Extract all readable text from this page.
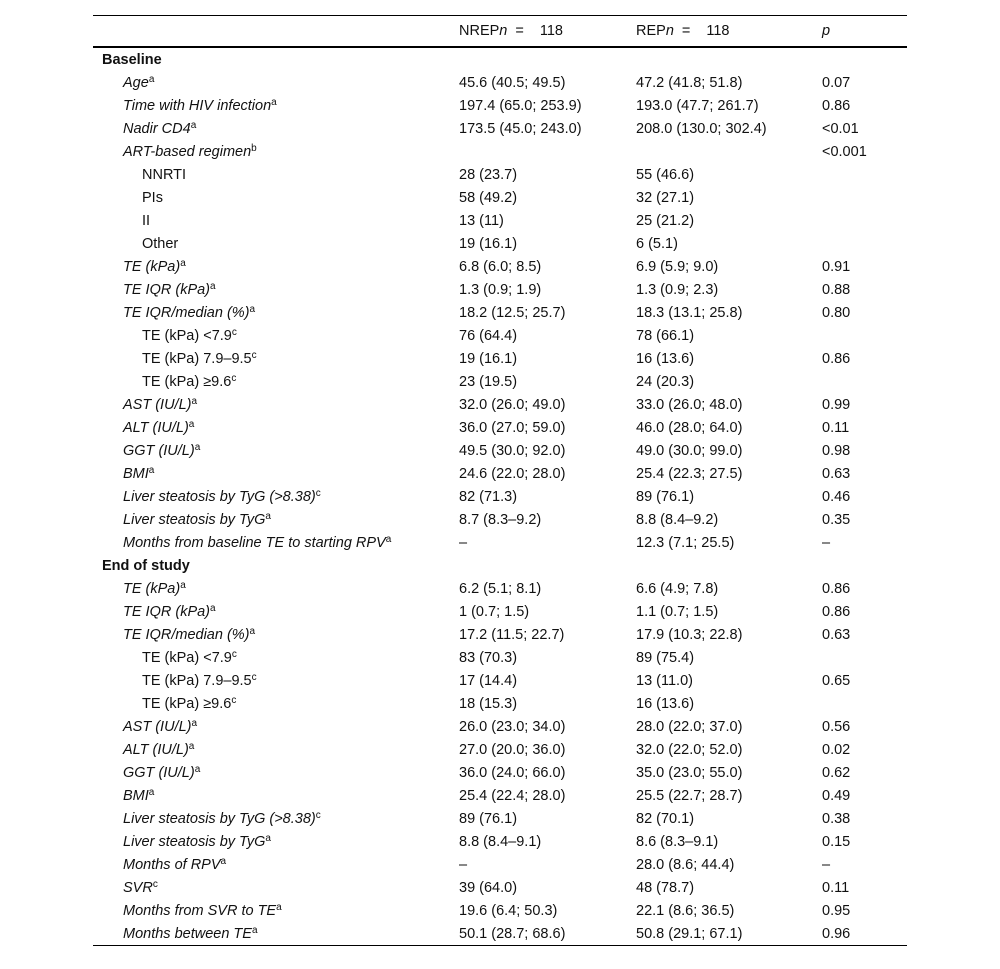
	NREPn = 118	REPn = 118	p
Baseline			
Age$^a$	45.6 (40.5; 49.5)	47.2 (41.8; 51.8)	0.07
Time with HIV infection$^a$	197.4 (65.0; 253.9)	193.0 (47.7; 261.7)	0.86
Nadir CD4$^a$	173.5 (45.0; 243.0)	208.0 (130.0; 302.4)	<0.01
ART-based regimen$^b$			<0.001
NNRTI	28 (23.7)	55 (46.6)	
PIs	58 (49.2)	32 (27.1)	
II	13 (11)	25 (21.2)	
Other	19 (16.1)	6 (5.1)	
TE (kPa)$^a$	6.8 (6.0; 8.5)	6.9 (5.9; 9.0)	0.91
TE IQR (kPa)$^a$	1.3 (0.9; 1.9)	1.3 (0.9; 2.3)	0.88
TE IQR/median (%)$^a$	18.2 (12.5; 25.7)	18.3 (13.1; 25.8)	0.80
TE (kPa) <7.9$^c$	76 (64.4)	78 (66.1)	
TE (kPa) 7.9–9.5$^c$	19 (16.1)	16 (13.6)	0.86
TE (kPa) ≥9.6$^c$	23 (19.5)	24 (20.3)	
AST $(IU/L)^a$	32.0 (26.0; 49.0)	33.0 (26.0; 48.0)	0.99
ALT $(IU/L)^a$	36.0 (27.0; 59.0)	46.0 (28.0; 64.0)	0.11
GGT $(IU/L)^a$	49.5 (30.0; 92.0)	49.0 (30.0; 99.0)	0.98
BMI$^a$	24.6 (22.0; 28.0)	25.4 (22.3; 27.5)	0.63
Liver steatosis by TyG (>8.38)$^c$	82 (71.3)	89 (76.1)	0.46
Liver steatosis by TyG$^a$	8.7 (8.3–9.2)	8.8 (8.4–9.2)	0.35
Months from baseline TE to starting RPV$^a$	–	12.3 (7.1; 25.5)	–
End of study			
TE (kPa)$^a$	6.2 (5.1; 8.1)	6.6 (4.9; 7.8)	0.86
TE IQR (kPa)$^a$	1 (0.7; 1.5)	1.1 (0.7; 1.5)	0.86
TE IQR/median (%)$^a$	17.2 (11.5; 22.7)	17.9 (10.3; 22.8)	0.63
TE (kPa) <7.9$^c$	83 (70.3)	89 (75.4)	
TE (kPa) 7.9–9.5$^c$	17 (14.4)	13 (11.0)	0.65
TE (kPa) ≥9.6$^c$	18 (15.3)	16 (13.6)	
AST $(IU/L)^a$	26.0 (23.0; 34.0)	28.0 (22.0; 37.0)	0.56
ALT $(IU/L)^a$	27.0 (20.0; 36.0)	32.0 (22.0; 52.0)	0.02
GGT $(IU/L)^a$	36.0 (24.0; 66.0)	35.0 (23.0; 55.0)	0.62
BMI$^a$	25.4 (22.4; 28.0)	25.5 (22.7; 28.7)	0.49
Liver steatosis by TyG (>8.38)$^c$	89 (76.1)	82 (70.1)	0.38
Liver steatosis by TyG$^a$	8.8 (8.4–9.1)	8.6 (8.3–9.1)	0.15
Months of RPV$^a$	–	28.0 (8.6; 44.4)	–
SVR$^c$	39 (64.0)	48 (78.7)	0.11
Months from SVR to $TE^a$	19.6 (6.4; 50.3)	22.1 (8.6; 36.5)	0.95
Months between $TE^a$	50.1 (28.7; 68.6)	50.8 (29.1; 67.1)	0.96
